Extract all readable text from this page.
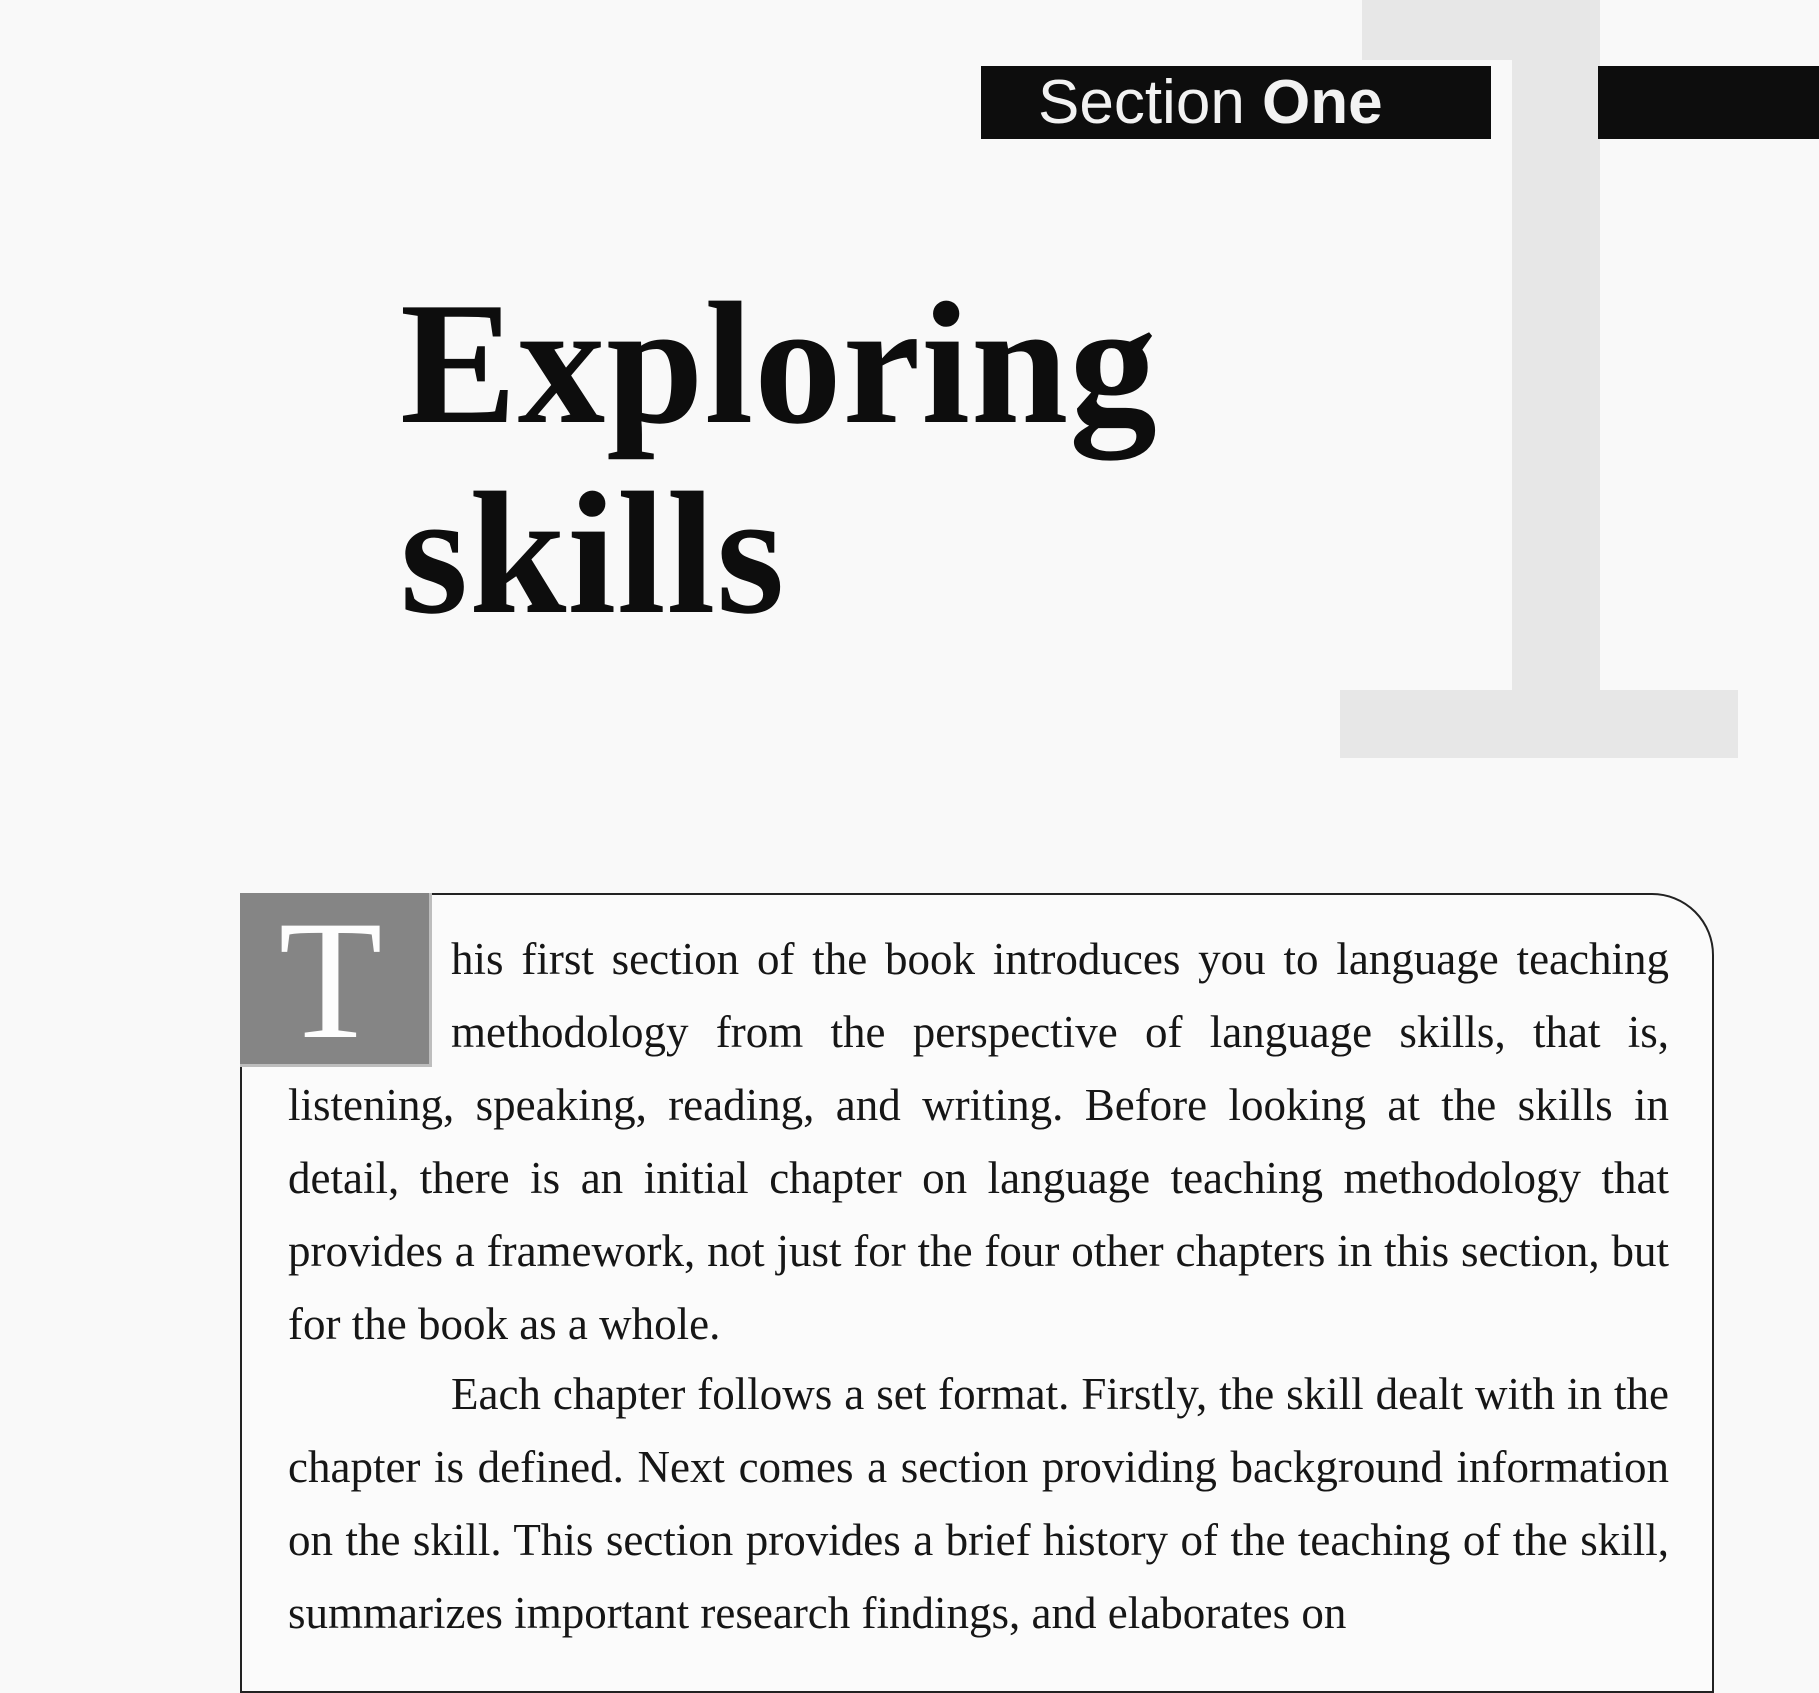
Section One
Exploring
skills

his first section of the book introduces you to language teaching methodology from the perspective of language skills, that is, listening, speaking, reading, and writing. Before looking at the skills in detail, there is an initial chapter on language teaching methodology that provides a framework, not just for the four other chapters in this section, but for the book as a whole.

T

Each chapter follows a set format. Firstly, the skill dealt with in the chapter is defined. Next comes a section providing background information on the skill. This section provides a brief history of the teaching of the skill, summarizes important research findings, and elaborates on
